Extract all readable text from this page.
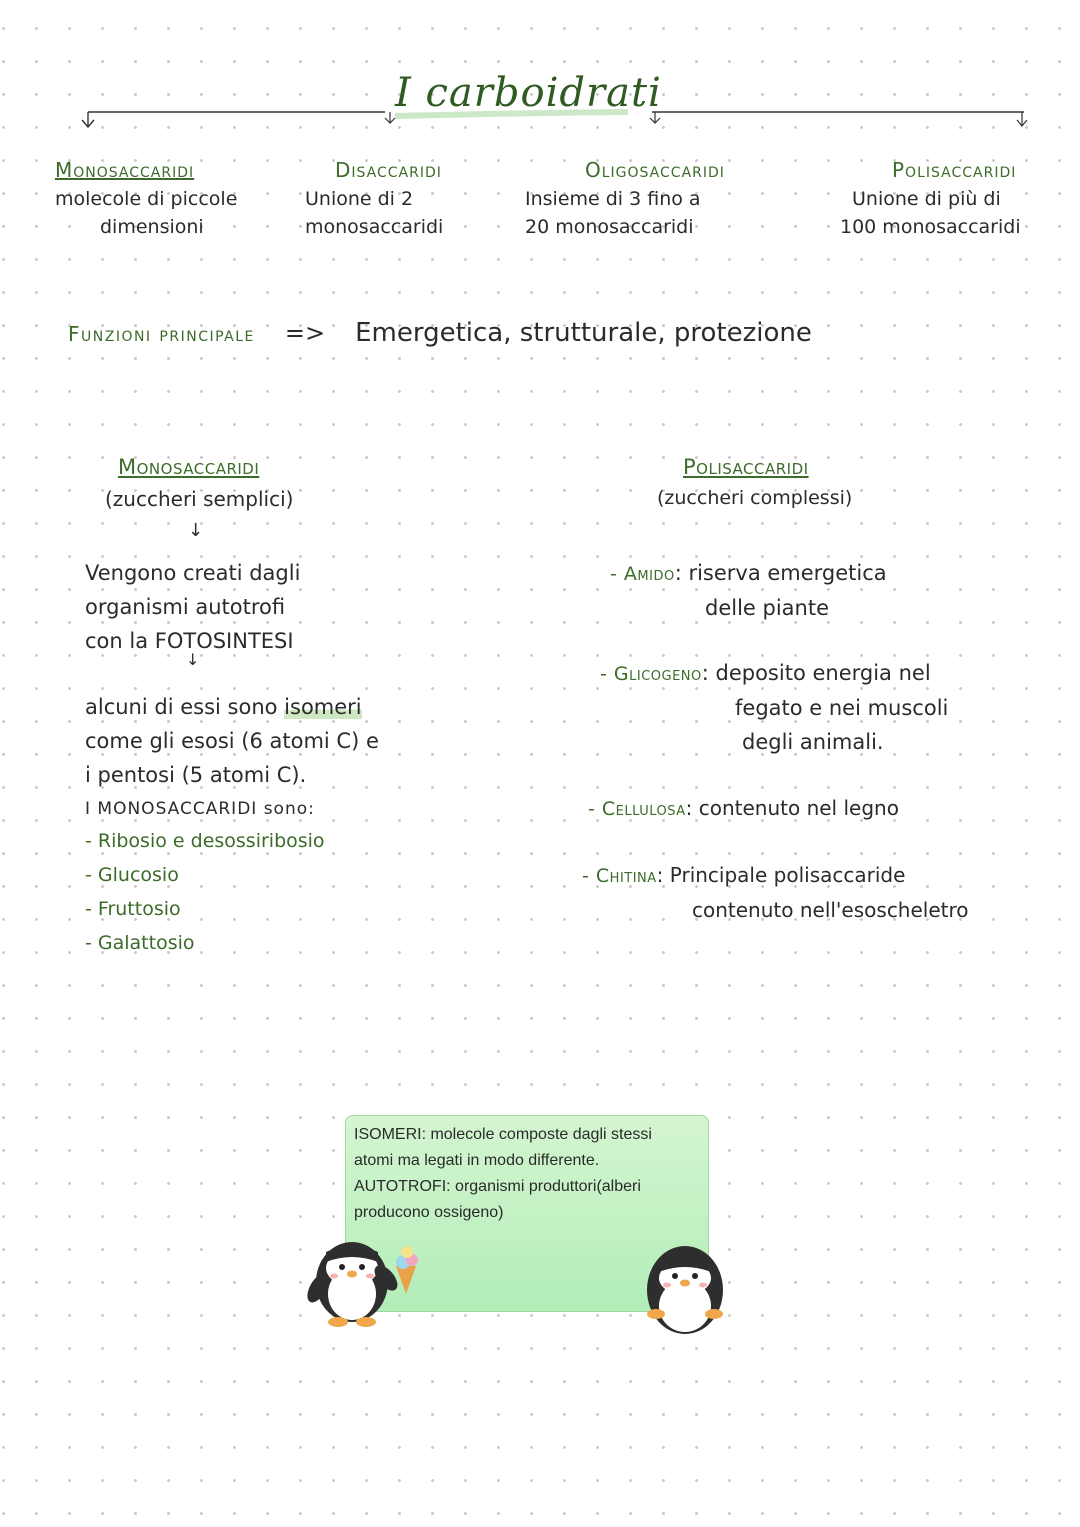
I carboidrati
Monosaccaridi
molecole di piccole
dimensioni
Disaccaridi
Unione di 2
monosaccaridi
Oligosaccaridi
Insieme di 3 fino a
20 monosaccaridi
Polisaccaridi
Unione di più di
100 monosaccaridi
Funzioni principale => Emergetica, strutturale, protezione
Monosaccaridi
(zuccheri semplici)
↓
Vengono creati dagli
organismi autotrofi
con la FOTOSINTESI
↓
alcuni di essi sono isomeri
come gli esosi (6 atomi C) e
i pentosi (5 atomi C).
I MONOSACCARIDI sono:
- Ribosio e desossiribosio
- Glucosio
- Fruttosio
- Galattosio
Polisaccaridi
(zuccheri complessi)
- Amido: riserva emergetica
delle piante
- Glicogeno: deposito energia nel
fegato e nei muscoli
degli animali.
- Cellulosa: contenuto nel legno
- Chitina: Principale polisaccaride
contenuto nell'esoscheletro
ISOMERI: molecole composte dagli stessi
atomi ma legati in modo differente.
AUTOTROFI: organismi produttori(alberi
producono ossigeno)
